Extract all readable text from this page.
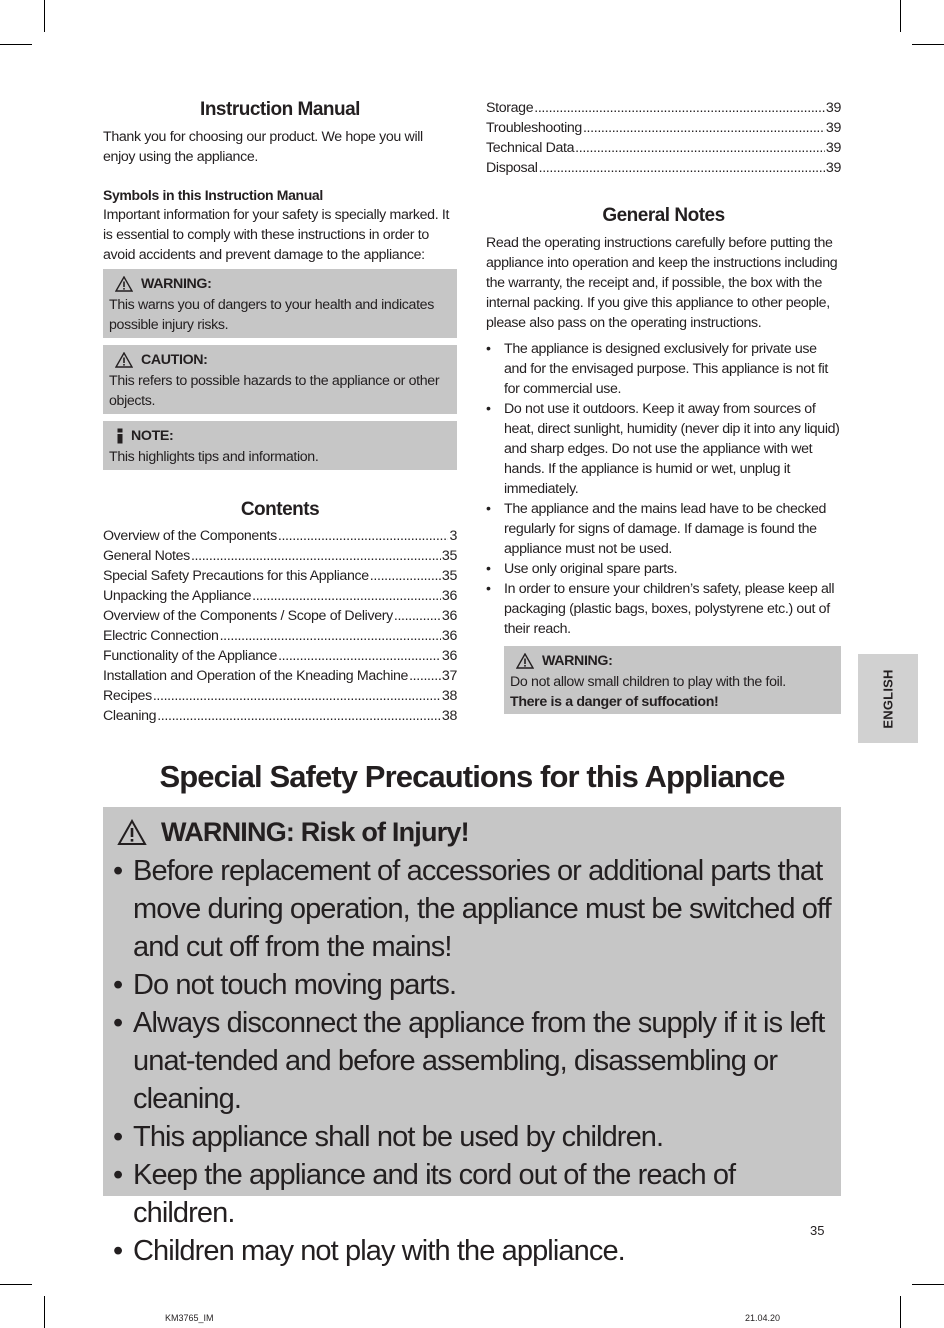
Instruction Manual

Thank you for choosing our product. We hope you will enjoy using the appliance.

Symbols in this Instruction Manual

Important information for your safety is specially marked. It is essential to comply with these instructions in order to avoid accidents and prevent damage to the appliance:

WARNING:

This warns you of dangers to your health and indicates possible injury risks.

CAUTION:

This refers to possible hazards to the appliance or other objects.

NOTE:

This highlights tips and information.

Contents
Overview of the Components .....	3
General Notes .....	35
Special Safety Precautions for this Appliance .....	35
Unpacking the Appliance .....	36
Overview of the Components / Scope of Delivery .....	36
Electric Connection .....	36
Functionality of the Appliance .....	36
Installation and Operation of the Kneading Machine ..... 37
Recipes .....	38
Cleaning .....	38
Storage .....	39
Troubleshooting .....	39
Technical Data .....	39
Disposal .....	39
General Notes

Read the operating instructions carefully before putting the appliance into operation and keep the instructions including the warranty, the receipt and, if possible, the box with the internal packing. If you give this appliance to other people, please also pass on the operating instructions.

• The appliance is designed exclusively for private use and for the envisaged purpose. This appliance is not fit for commercial use.
• Do not use it outdoors. Keep it away from sources of heat, direct sunlight, humidity (never dip it into any liquid) and sharp edges. Do not use the appliance with wet hands. If the appliance is humid or wet, unplug it immediately.
• The appliance and the mains lead have to be checked regularly for signs of damage. If damage is found the appliance must not be used.
• Use only original spare parts.
• In order to ensure your children’s safety, please keep all packaging (plastic bags, boxes, polystyrene etc.) out of their reach.
WARNING:

Do not allow small children to play with the foil.

There is a danger of suffocation!	ENGLISH
Special Safety Precautions for this Appliance
WARNING: Risk of Injury!
• Before replacement of accessories or additional parts that move during operation, the appliance must be switched off and cut off from the mains!
• Do not touch moving parts.
• Always disconnect the appliance from the supply if it is left unat-tended and before assembling, disassembling or cleaning.
• This appliance shall not be used by children.
• Keep the appliance and its cord out of the reach of children.
• Children may not play with the appliance.
35
KM3765_IM	21.04.20
